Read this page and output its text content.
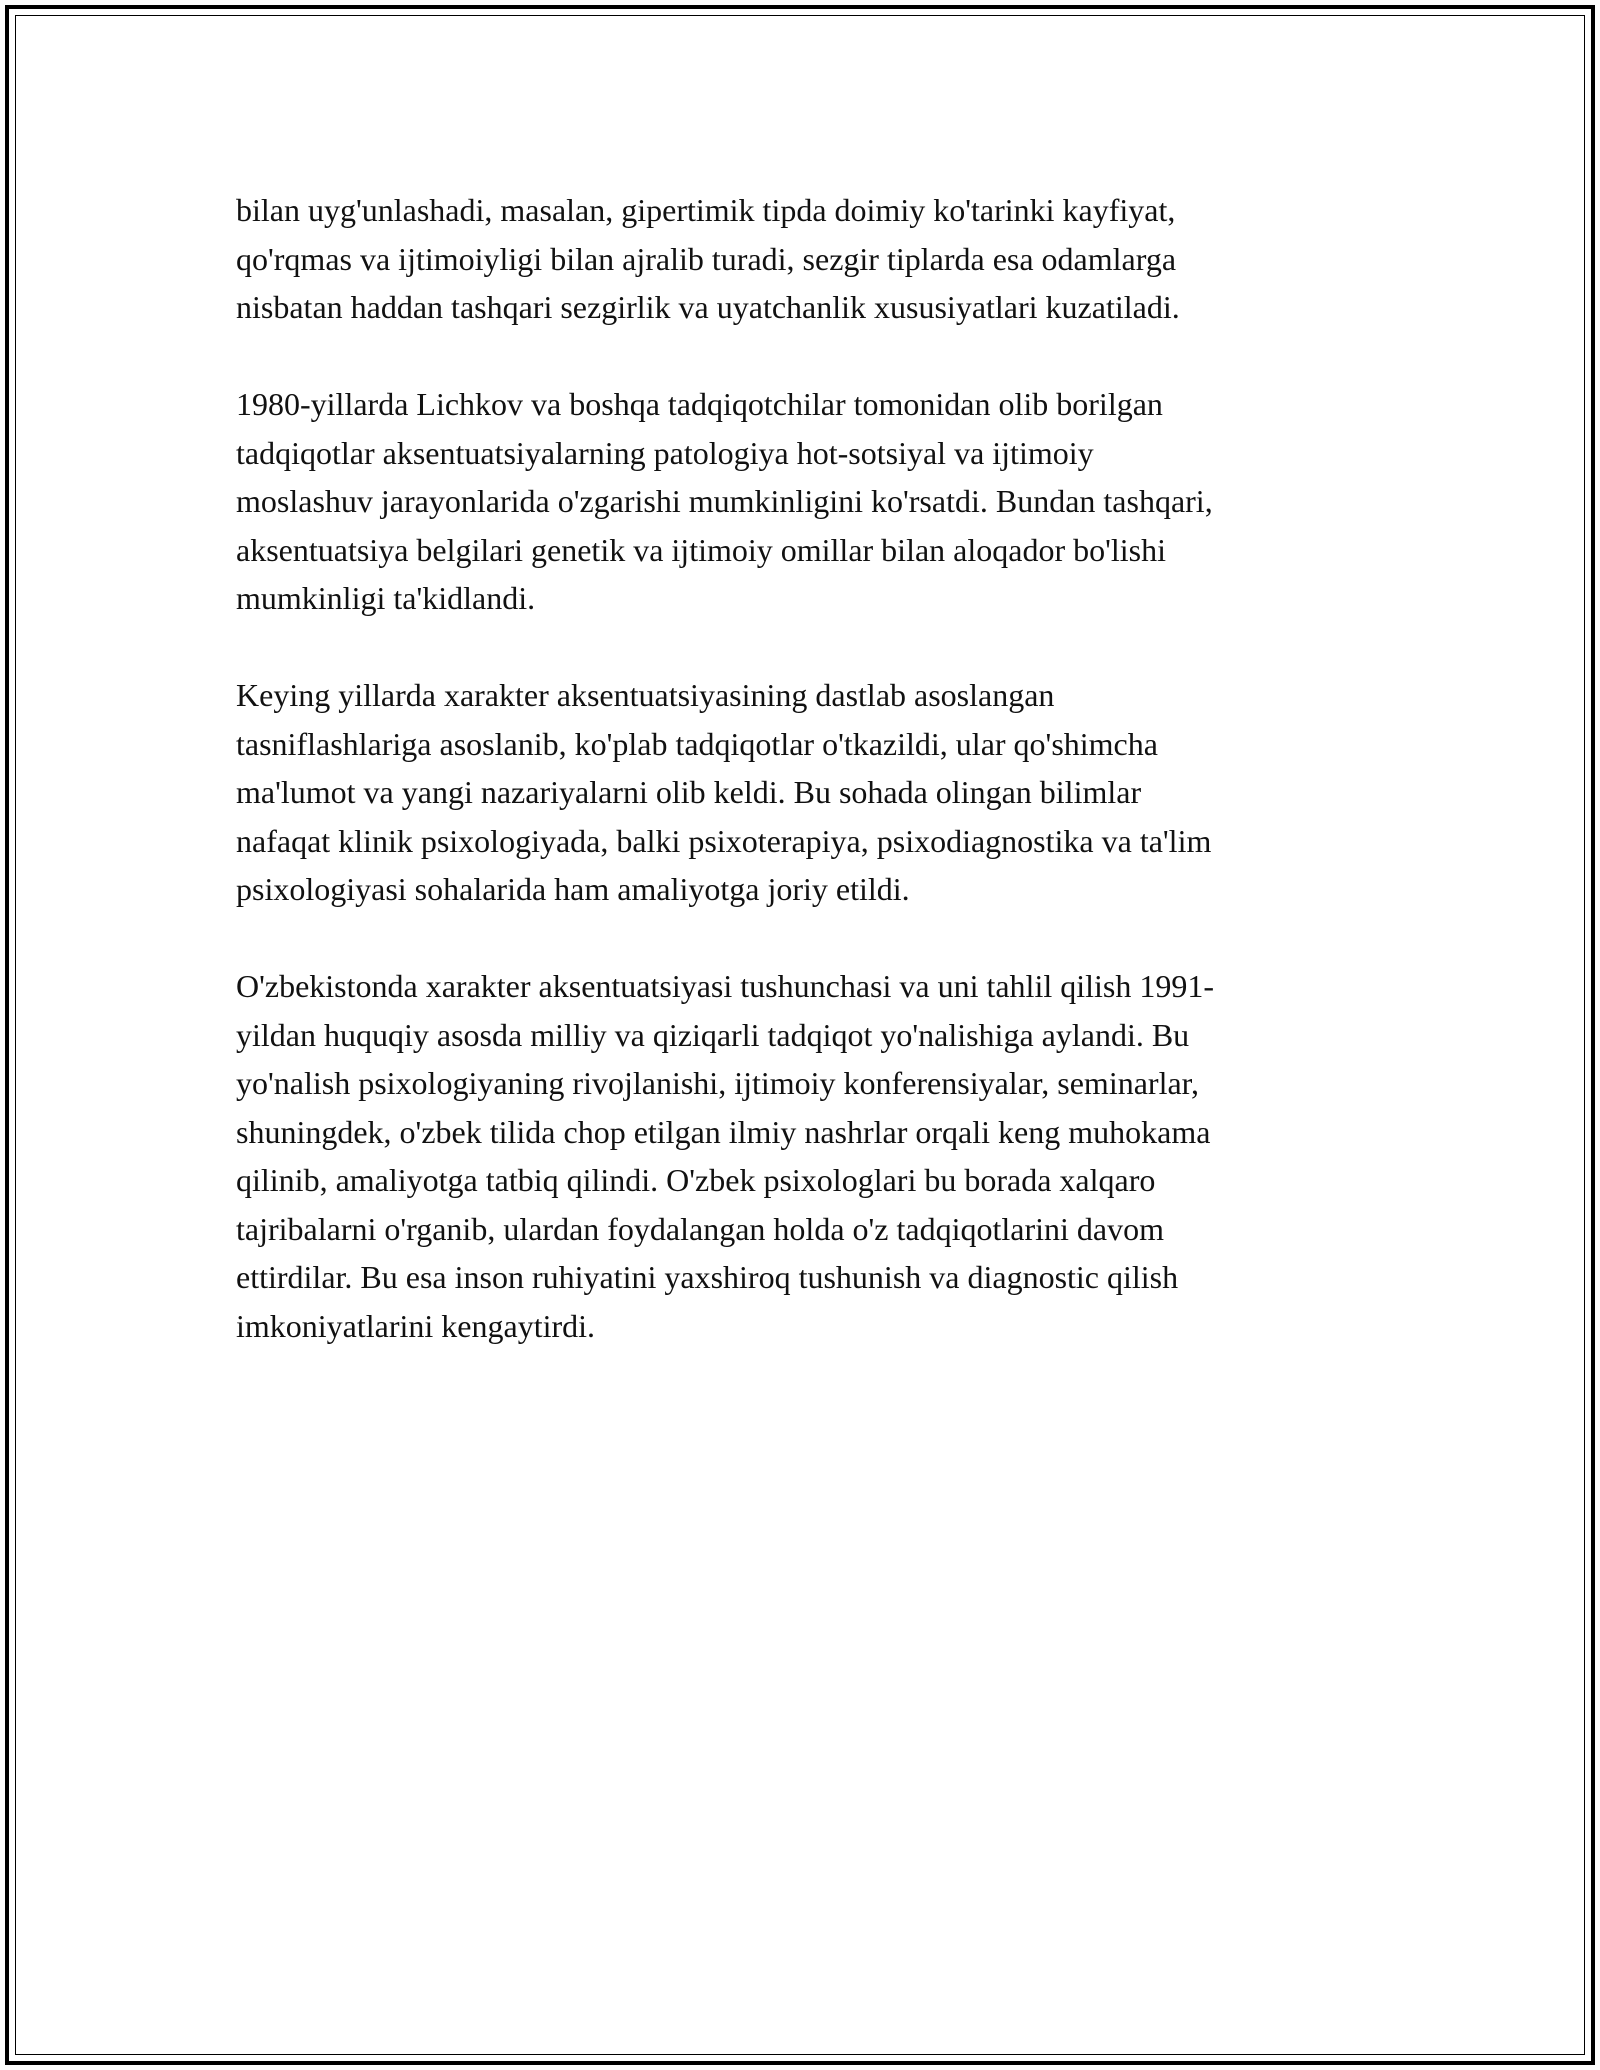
bilan uyg'unlashadi, masalan, gipertimik tipda doimiy ko'tarinki kayfiyat,
qo'rqmas va ijtimoiyligi bilan ajralib turadi, sezgir tiplarda esa odamlarga
nisbatan haddan tashqari sezgirlik va uyatchanlik xususiyatlari kuzatiladi.

1980-yillarda Lichkov va boshqa tadqiqotchilar tomonidan olib borilgan
tadqiqotlar aksentuatsiyalarning patologiya hot-sotsiyal va ijtimoiy
moslashuv jarayonlarida o'zgarishi mumkinligini ko'rsatdi. Bundan tashqari,
aksentuatsiya belgilari genetik va ijtimoiy omillar bilan aloqador bo'lishi
mumkinligi ta'kidlandi.

Keying yillarda xarakter aksentuatsiyasining dastlab asoslangan
tasniflashlariga asoslanib, ko'plab tadqiqotlar o'tkazildi, ular qo'shimcha
ma'lumot va yangi nazariyalarni olib keldi. Bu sohada olingan bilimlar
nafaqat klinik psixologiyada, balki psixoterapiya, psixodiagnostika va ta'lim
psixologiyasi sohalarida ham amaliyotga joriy etildi.

O'zbekistonda xarakter aksentuatsiyasi tushunchasi va uni tahlil qilish 1991-
yildan huquqiy asosda milliy va qiziqarli tadqiqot yo'nalishiga aylandi. Bu
yo'nalish psixologiyaning rivojlanishi, ijtimoiy konferensiyalar, seminarlar,
shuningdek, o'zbek tilida chop etilgan ilmiy nashrlar orqali keng muhokama
qilinib, amaliyotga tatbiq qilindi. O'zbek psixologlari bu borada xalqaro
tajribalarni o'rganib, ulardan foydalangan holda o'z tadqiqotlarini davom
ettirdilar. Bu esa inson ruhiyatini yaxshiroq tushunish va diagnostic qilish
imkoniyatlarini kengaytirdi.
